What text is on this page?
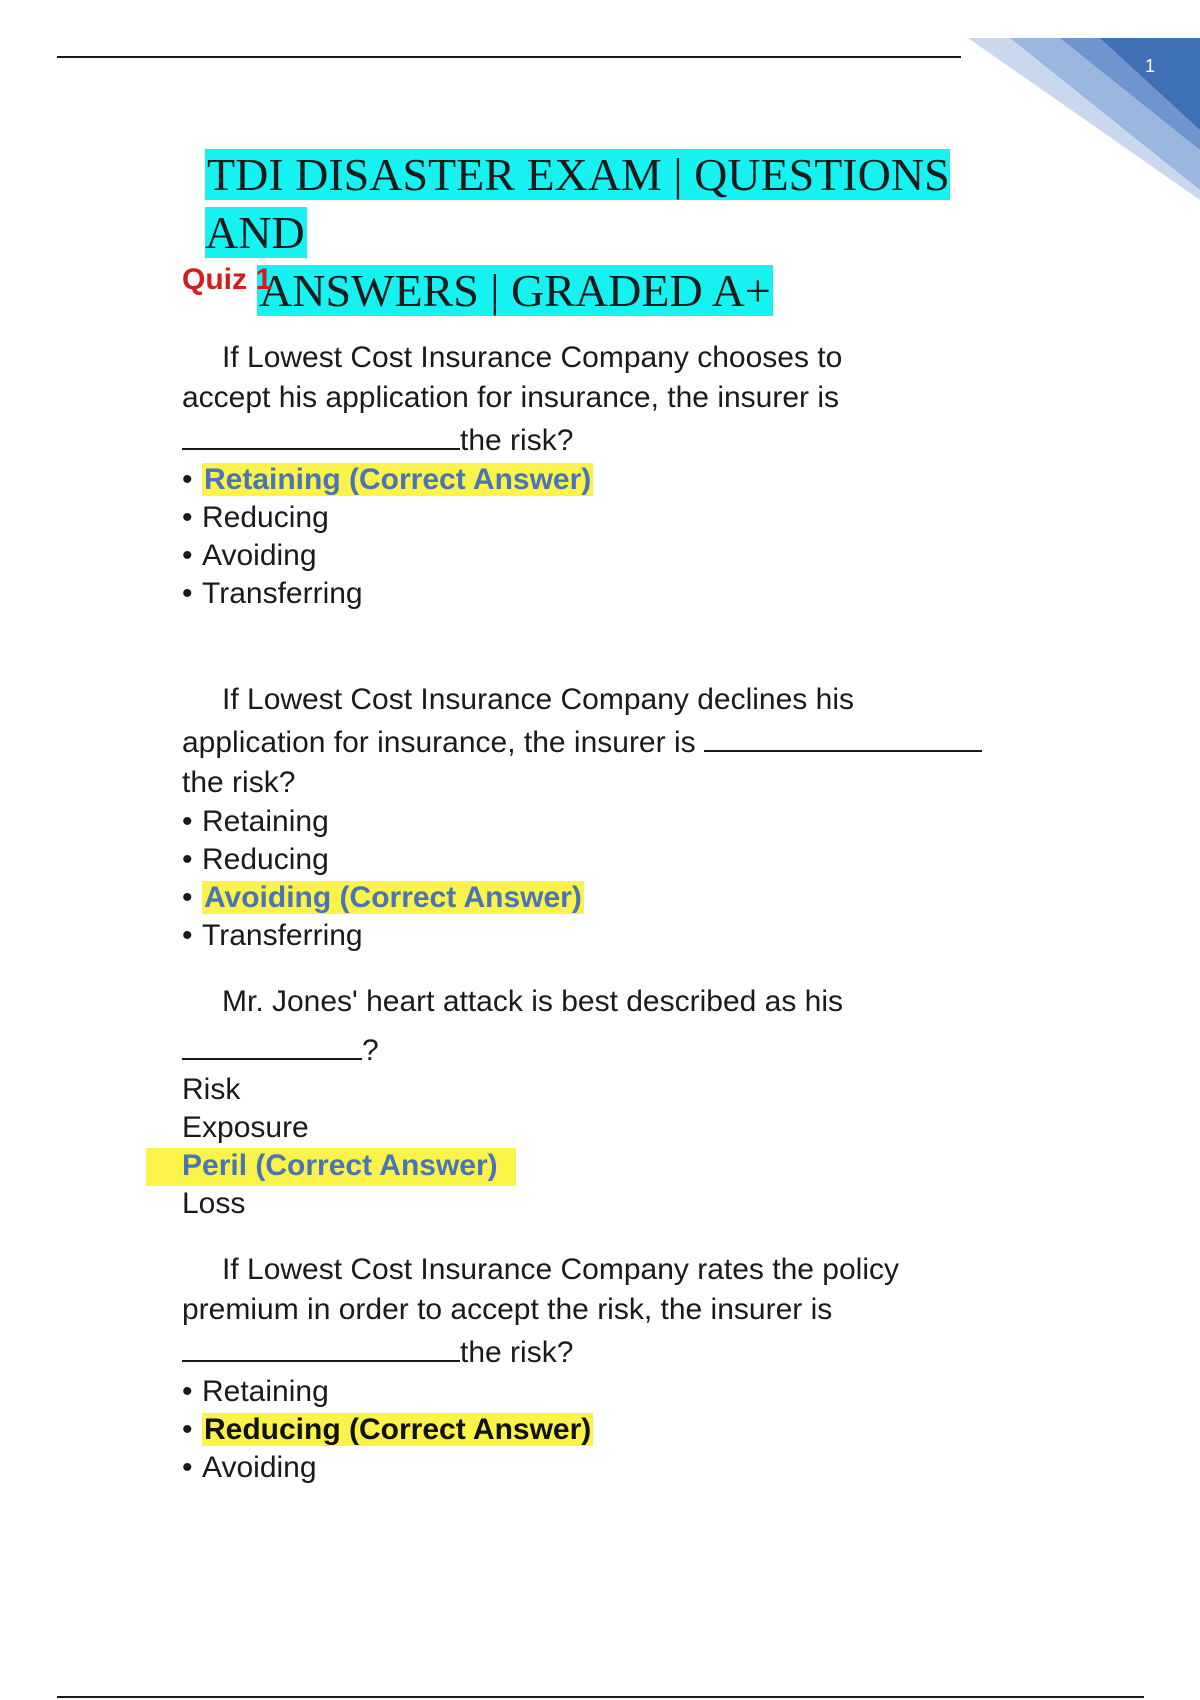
1
TDI DISASTER EXAM | QUESTIONS AND
ANSWERS | GRADED A+
Quiz 1

If Lowest Cost Insurance Company chooses to
accept his application for insurance, the insurer is
the risk?

• Retaining (Correct Answer)

• Reducing

• Avoiding

• Transferring

If Lowest Cost Insurance Company declines his
application for insurance, the insurer is
the risk?

• Retaining

• Reducing

• Avoiding (Correct Answer)

• Transferring

Mr. Jones' heart attack is best described as his
?

Risk

Exposure

Peril (Correct Answer)

Loss

If Lowest Cost Insurance Company rates the policy
premium in order to accept the risk, the insurer is
the risk?

• Retaining

• Reducing (Correct Answer)

• Avoiding
